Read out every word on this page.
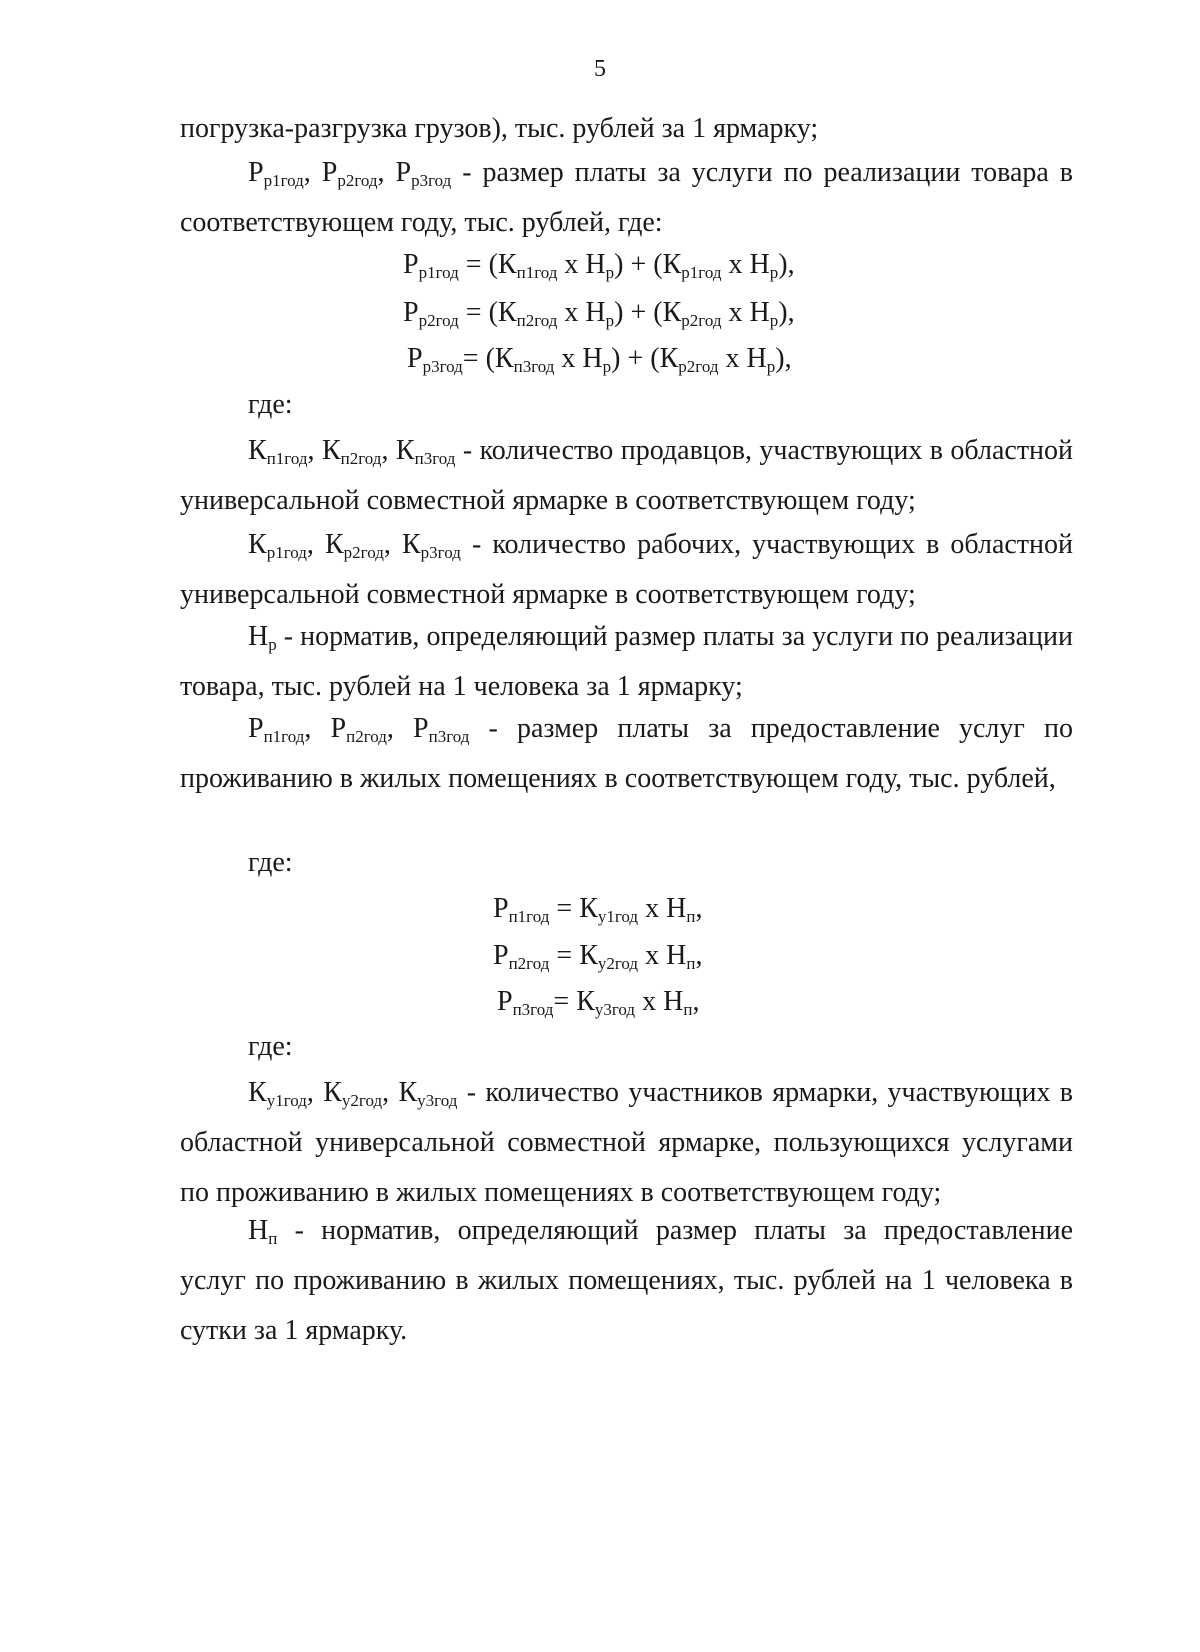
5
погрузка-разгрузка грузов), тыс. рублей за 1 ярмарку;
$Р_{р1год}$, $Р_{р2год}$, $Р_{р3год}$ - размер платы за услуги по реализации товара в соответствующем году, тыс. рублей, где:
$Р_{р1год} = (К_{п1год}$ x $Н_р) + (К_{р1год}$ x $Н_р$),
$Р_{р2год} = (К_{п2год}$ x $Н_р) + (К_{р2год}$ x $Н_р$),
$Р_{р3год}= (К_{п3год}$ x $Н_р) + (К_{р2год}$ x $Н_р$),
где:
$К_{п1год}$, $К_{п2год}$, $К_{п3год}$ - количество продавцов, участвующих в областной универсальной совместной ярмарке в соответствующем году;
$К_{р1год}$, $К_{р2год}$, $К_{р3год}$ - количество рабочих, участвующих в областной универсальной совместной ярмарке в соответствующем году;
$Н_р$ - норматив, определяющий размер платы за услуги по реализации товара, тыс. рублей на 1 человека за 1 ярмарку;
$Р_{п1год}$, $Р_{п2год}$, $Р_{п3год}$ - размер платы за предоставление услуг по проживанию в жилых помещениях в соответствующем году, тыс. рублей,
где:
$Р_{п1год} = К_{у1год}$ x $Н_п$,
$Р_{п2год} = К_{у2год}$ x $Н_п$,
$Р_{п3год}= К_{у3год}$ x $Н_п$,
где:
$К_{у1год}$, $К_{у2год}$, $К_{у3год}$ - количество участников ярмарки, участвующих в областной универсальной совместной ярмарке, пользующихся услугами по проживанию в жилых помещениях в соответствующем году;
$Н_п$ - норматив, определяющий размер платы за предоставление услуг по проживанию в жилых помещениях, тыс. рублей на 1 человека в сутки за 1 ярмарку.
